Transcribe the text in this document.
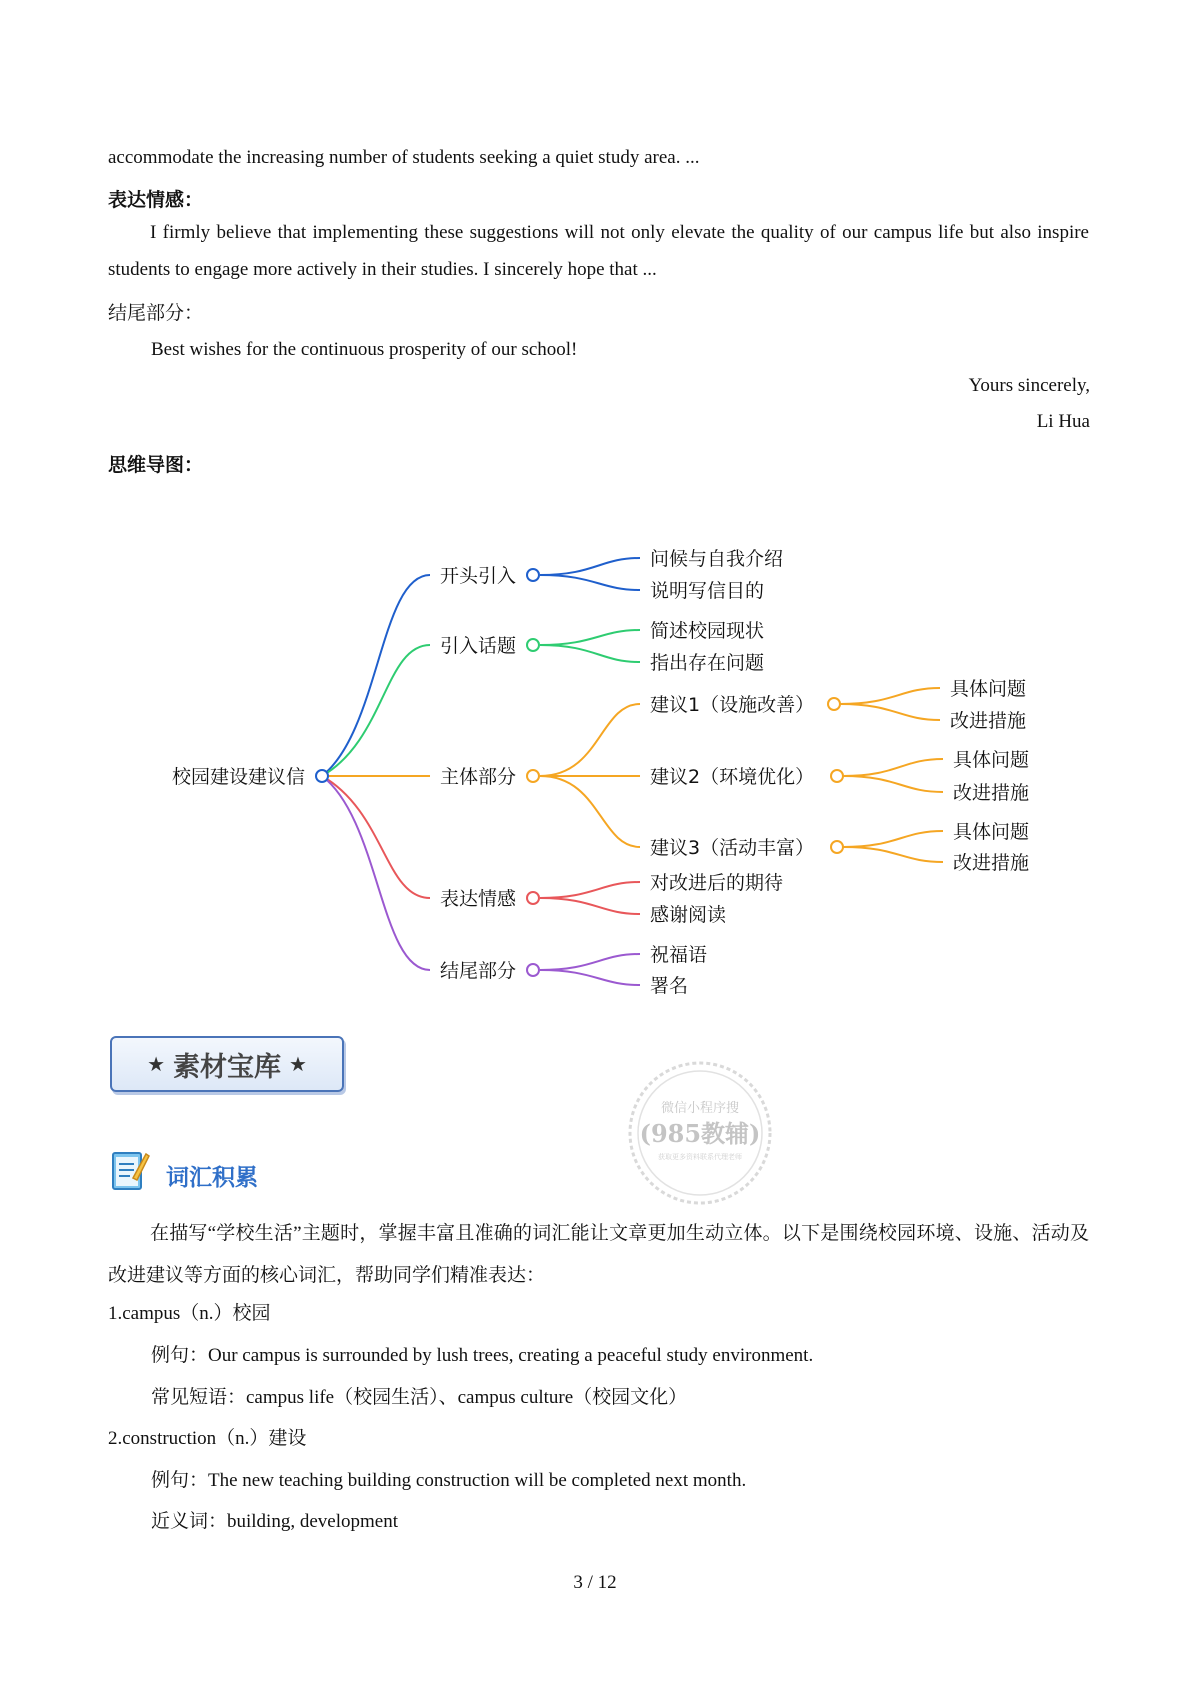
accommodate the increasing number of students seeking a quiet study area. ...
表达情感：
I firmly believe that implementing these suggestions will not only elevate the quality of our campus life but also inspire students to engage more actively in their studies. I sincerely hope that ...
结尾部分：
Best wishes for the continuous prosperity of our school!
Yours sincerely,
Li Hua
思维导图：
校园建设建议信
开头引入
问候与自我介绍
说明写信目的
引入话题
简述校园现状
指出存在问题
主体部分
建议1（设施改善）
建议2（环境优化）
建议3（活动丰富）
具体问题
改进措施
具体问题
改进措施
具体问题
改进措施
表达情感
对改进后的期待
感谢阅读
结尾部分
祝福语
署名
★ 素材宝库 ★
微信小程序搜
(985教辅)
获取更多资料联系代理老师
词汇积累
在描写“学校生活”主题时，掌握丰富且准确的词汇能让文章更加生动立体。以下是围绕校园环境、设施、活动及改进建议等方面的核心词汇，帮助同学们精准表达：
1.campus（n.）校园
例句：Our campus is surrounded by lush trees, creating a peaceful study environment.
常见短语：campus life（校园生活）、campus culture（校园文化）
2.construction（n.）建设
例句：The new teaching building construction will be completed next month.
近义词：building, development
3 / 12
